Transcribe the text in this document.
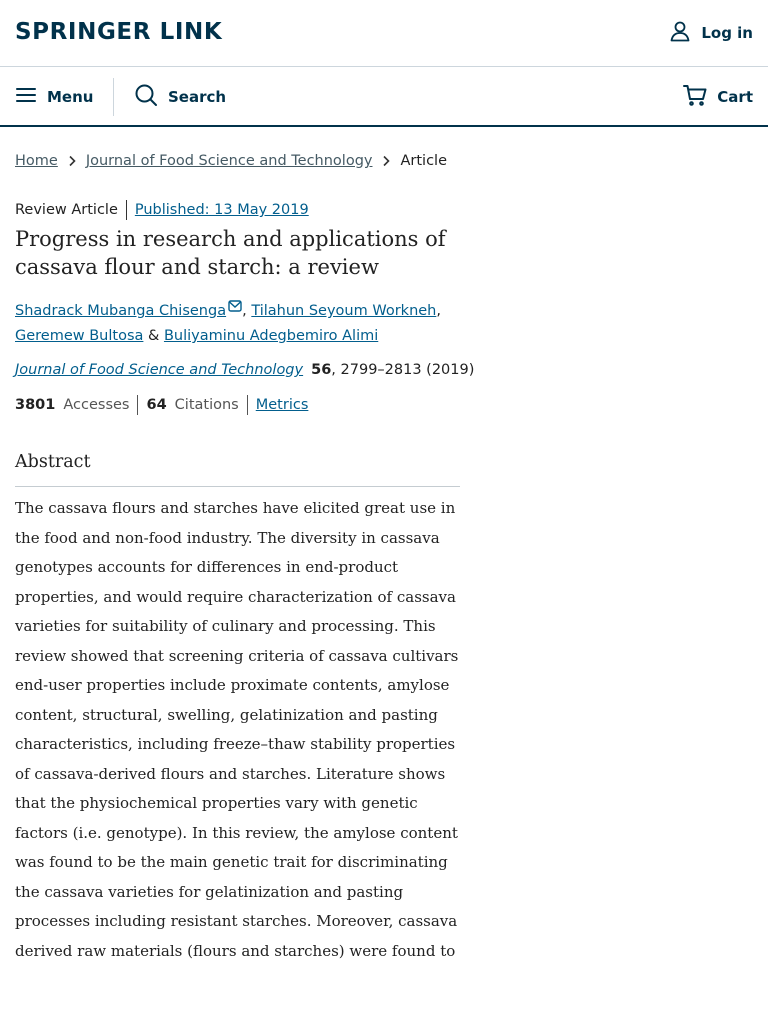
SPRINGER LINK	Log in
Menu	Search	Cart
Home Journal of Food Science and Technology Article
Review Article Published: 13 May 2019
Progress in research and applications of cassava flour and starch: a review
Shadrack Mubanga Chisenga , Tilahun Seyoum Workneh,
Geremew Bultosa & Buliyaminu Adegbemiro Alimi
Journal of Food Science and Technology 56 , 2799–2813 (2019)
3801 Accesses 64 Citations Metrics
Abstract

The cassava flours and starches have elicited great use in the food and non-food industry. The diversity in cassava genotypes accounts for differences in end-product properties, and would require characterization of cassava varieties for suitability of culinary and processing. This review showed that screening criteria of cassava cultivars end-user properties include proximate contents, amylose content, structural, swelling, gelatinization and pasting characteristics, including freeze–thaw stability properties of cassava-derived flours and starches. Literature shows that the physiochemical properties vary with genetic factors (i.e. genotype). In this review, the amylose content was found to be the main genetic trait for discriminating the cassava varieties for gelatinization and pasting processes including resistant starches. Moreover, cassava derived raw materials (flours and starches) were found to
